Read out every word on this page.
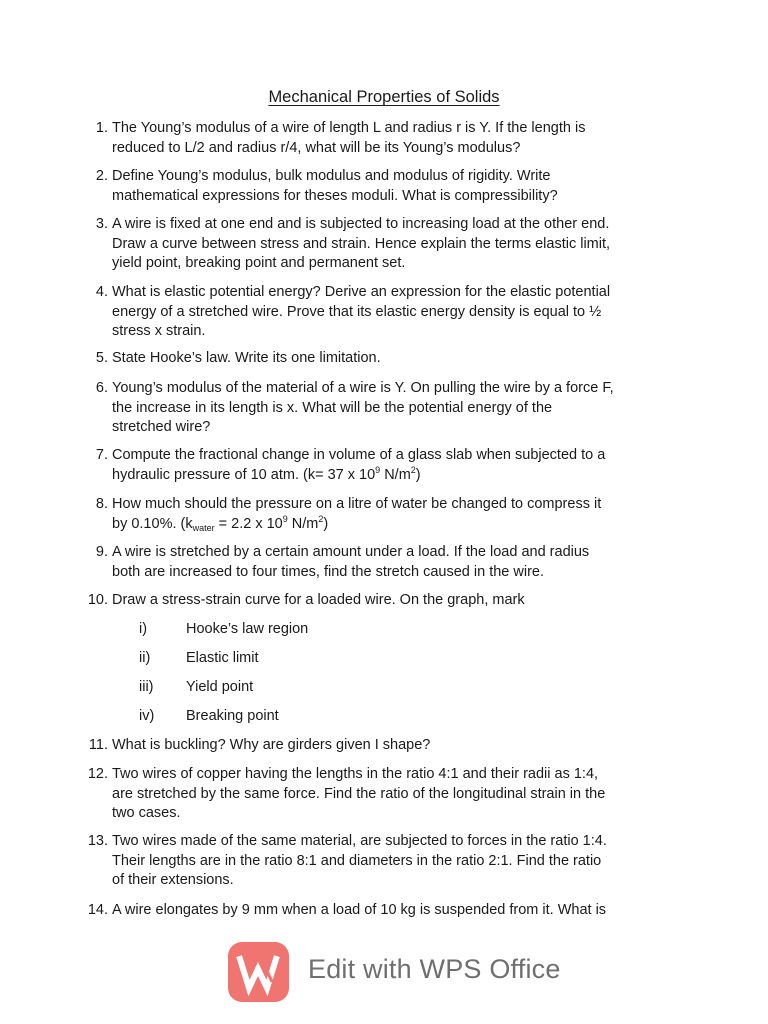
Mechanical Properties of Solids
1. The Young’s modulus of a wire of length L and radius r is Y. If the length is
reduced to L/2 and radius r/4, what will be its Young’s modulus?
2. Define Young’s modulus, bulk modulus and modulus of rigidity. Write
mathematical expressions for theses moduli. What is compressibility?
3. A wire is fixed at one end and is subjected to increasing load at the other end.
Draw a curve between stress and strain. Hence explain the terms elastic limit,
yield point, breaking point and permanent set.
4. What is elastic potential energy? Derive an expression for the elastic potential
energy of a stretched wire. Prove that its elastic energy density is equal to ½
stress x strain.
5. State Hooke’s law. Write its one limitation.
6. Young’s modulus of the material of a wire is Y. On pulling the wire by a force F,
the increase in its length is x. What will be the potential energy of the
stretched wire?
7. Compute the fractional change in volume of a glass slab when subjected to a
hydraulic pressure of 10 atm. (k= 37 x $10^9$ $N/m^2$)
8. How much should the pressure on a litre of water be changed to compress it
by 0.10%. ($k_{water} = 2.2$ x $10^9$ $N/m^2$)
9. A wire is stretched by a certain amount under a load. If the load and radius
both are increased to four times, find the stretch caused in the wire.
10. Draw a stress-strain curve for a loaded wire. On the graph, mark
i)	Hooke’s law region
ii) Elastic limit
iii) Yield point
iv) Breaking point
11. What is buckling? Why are girders given I shape?
12. Two wires of copper having the lengths in the ratio 4:1 and their radii as 1:4,
are stretched by the same force. Find the ratio of the longitudinal strain in the
two cases.
13. Two wires made of the same material, are subjected to forces in the ratio 1:4.
Their lengths are in the ratio 8:1 and diameters in the ratio 2:1. Find the ratio
of their extensions.
14. A wire elongates by 9 mm when a load of 10 kg is suspended from it. What is
Edit with WPS Office
